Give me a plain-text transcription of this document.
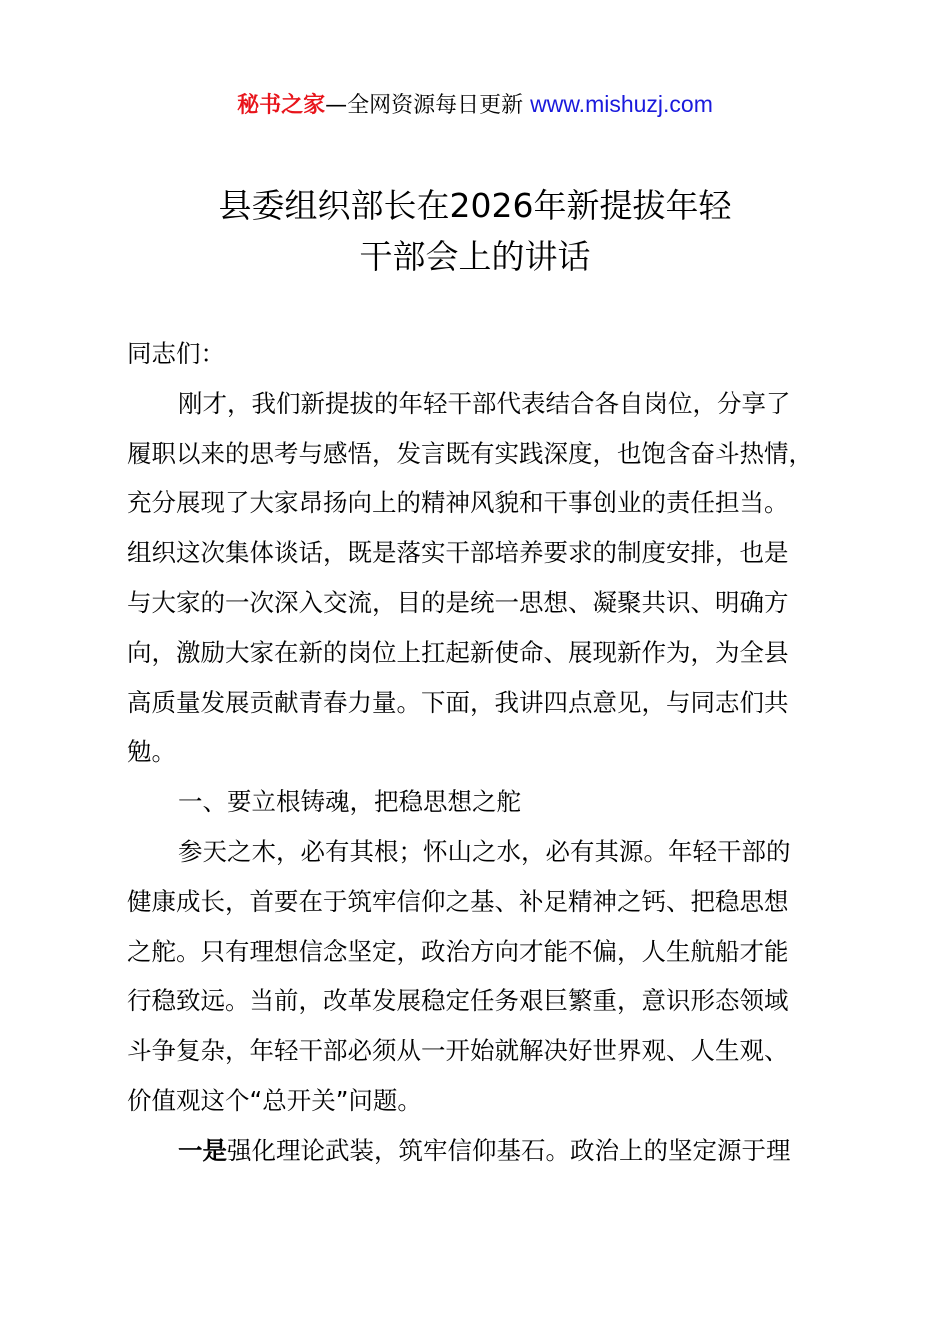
秘书之家—全网资源每日更新 www.mishuzj.com
县委组织部长在2026年新提拔年轻
干部会上的讲话
同志们：
刚才，我们新提拔的年轻干部代表结合各自岗位，分享了
履职以来的思考与感悟，发言既有实践深度，也饱含奋斗热情，
充分展现了大家昂扬向上的精神风貌和干事创业的责任担当。
组织这次集体谈话，既是落实干部培养要求的制度安排，也是
与大家的一次深入交流，目的是统一思想、凝聚共识、明确方
向，激励大家在新的岗位上扛起新使命、展现新作为，为全县
高质量发展贡献青春力量。下面，我讲四点意见，与同志们共
勉。
一、要立根铸魂，把稳思想之舵
参天之木，必有其根；怀山之水，必有其源。年轻干部的
健康成长，首要在于筑牢信仰之基、补足精神之钙、把稳思想
之舵。只有理想信念坚定，政治方向才能不偏，人生航船才能
行稳致远。当前，改革发展稳定任务艰巨繁重，意识形态领域
斗争复杂，年轻干部必须从一开始就解决好世界观、人生观、
价值观这个“总开关”问题。
一是强化理论武装，筑牢信仰基石。政治上的坚定源于理
